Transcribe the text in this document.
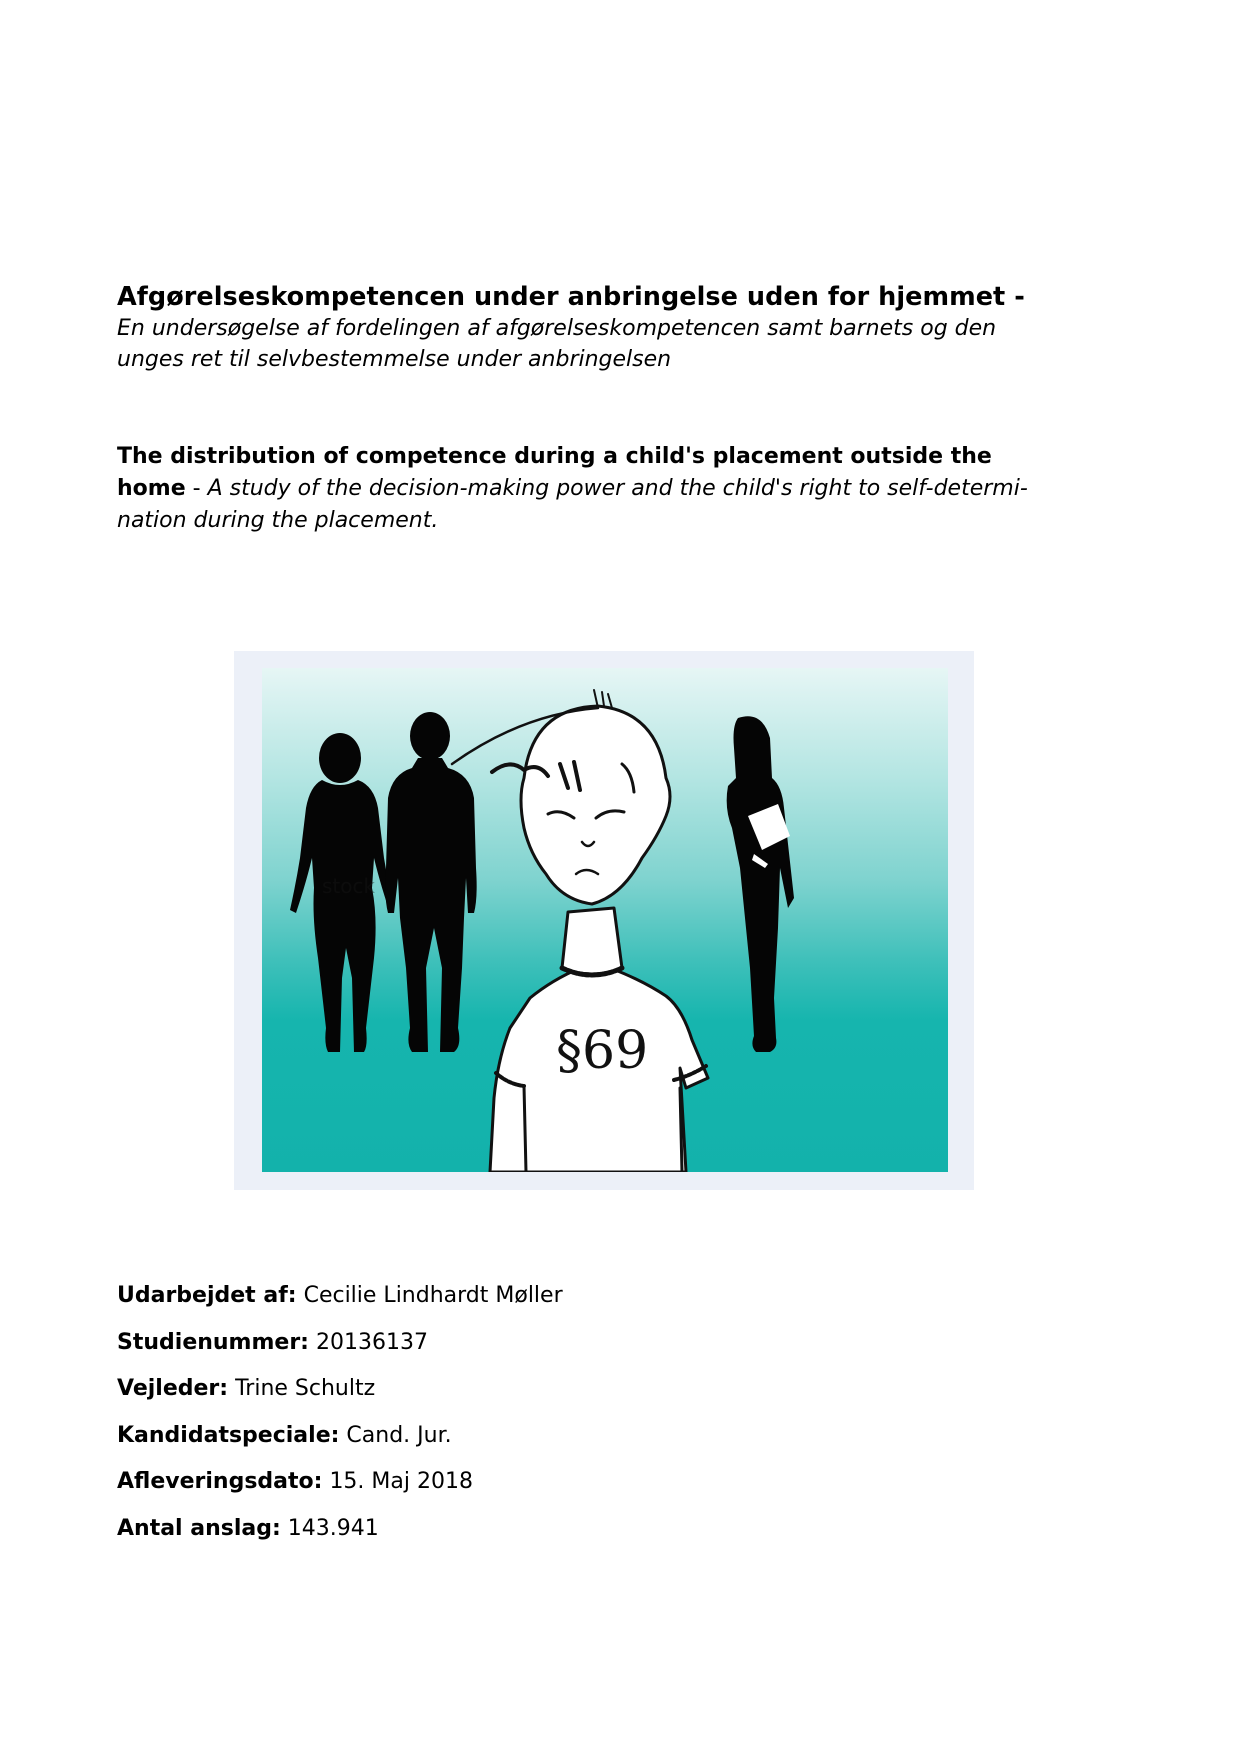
Afgørelseskompetencen under anbringelse uden for hjemmet -
En undersøgelse af fordelingen af afgørelseskompetencen samt barnets og den
unges ret til selvbestemmelse under anbringelsen
The distribution of competence during a child's placement outside the
home - A study of the decision-making power and the child's right to self-determi-
nation during the placement.
stock
§69
Udarbejdet af: Cecilie Lindhardt Møller
Studienummer: 20136137
Vejleder: Trine Schultz
Kandidatspeciale: Cand. Jur.
Afleveringsdato: 15. Maj 2018
Antal anslag: 143.941
